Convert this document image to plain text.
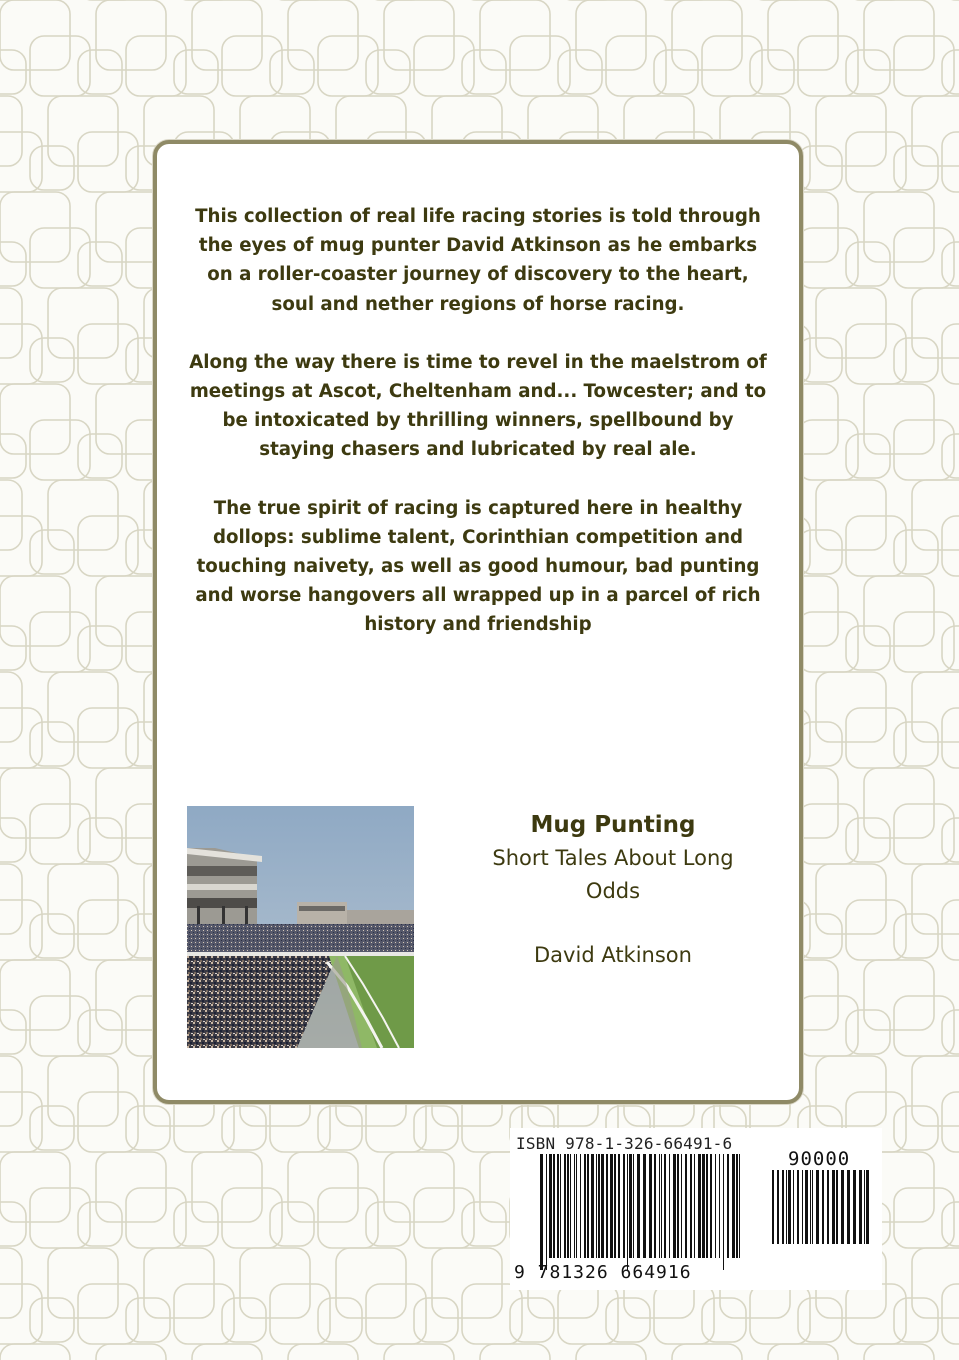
This collection of real life racing stories is told through the eyes of mug punter David Atkinson as he embarks on a roller-coaster journey of discovery to the heart, soul and nether regions of horse racing.

Along the way there is time to revel in the maelstrom of meetings at Ascot, Cheltenham and... Towcester; and to be intoxicated by thrilling winners, spellbound by staying chasers and lubricated by real ale.

The true spirit of racing is captured here in healthy dollops: sublime talent, Corinthian competition and touching naivety, as well as good humour, bad punting and worse hangovers all wrapped up in a parcel of rich history and friendship

Mug Punting

Short Tales About Long Odds

David Atkinson

ISBN 978-1-326-66491-6
90000
9 781326 664916
